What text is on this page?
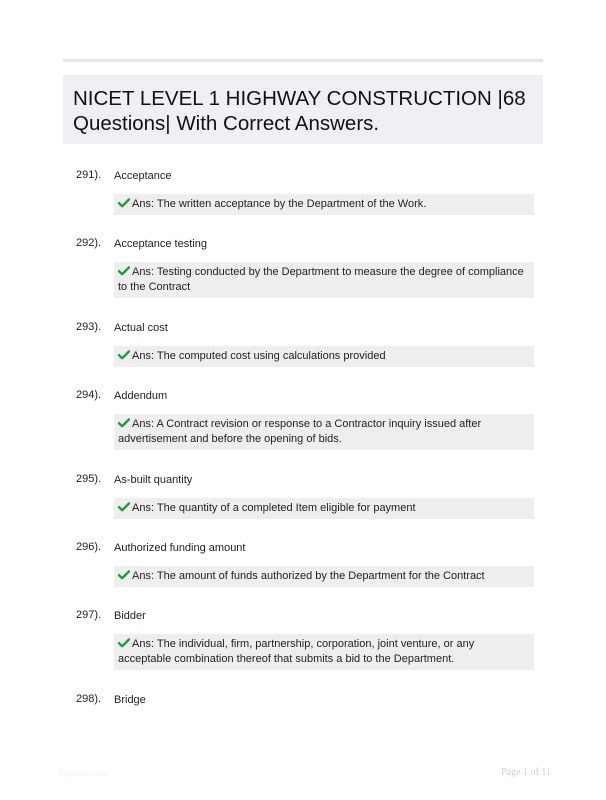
NICET LEVEL 1 HIGHWAY CONSTRUCTION |68 Questions| With Correct Answers.
291). Acceptance
Ans: The written acceptance by the Department of the Work.
292). Acceptance testing
Ans: Testing conducted by the Department to measure the degree of compliance to the Contract
293). Actual cost
Ans: The computed cost using calculations provided
294). Addendum
Ans: A Contract revision or response to a Contractor inquiry issued after advertisement and before the opening of bids.
295). As-built quantity
Ans: The quantity of a completed Item eligible for payment
296). Authorized funding amount
Ans: The amount of funds authorized by the Department for the Contract
297). Bidder
Ans: The individual, firm, partnership, corporation, joint venture, or any acceptable combination thereof that submits a bid to the Department.
298). Bridge
Papersbe.com	Page 1 of 11
